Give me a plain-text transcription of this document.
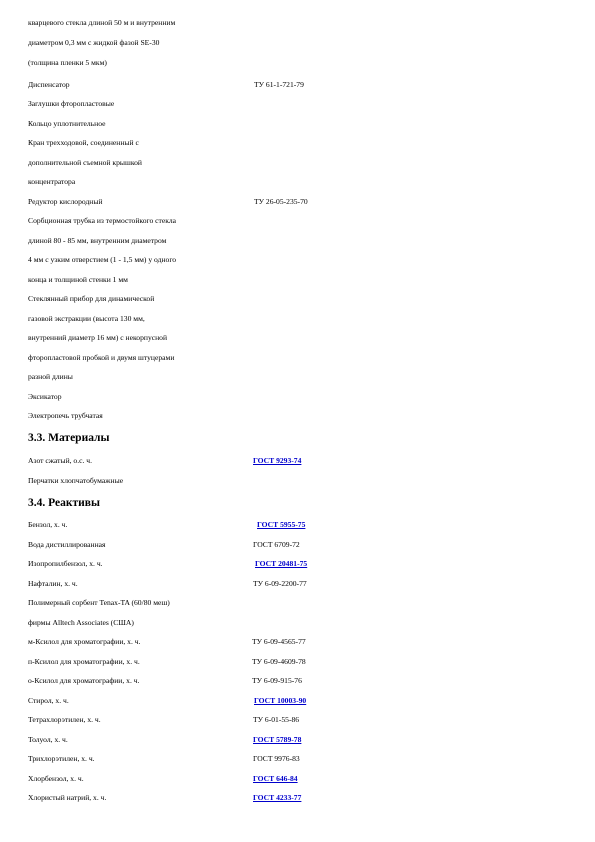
кварцевого стекла длиной 50 м и внутренним
диаметром 0,3 мм с жидкой фазой SE-30
(толщина пленки 5 мкм)
Диспенсатор	ТУ 61-1-721-79
Заглушки фторопластовые
Кольцо уплотнительное
Кран трехходовой, соединенный с
дополнительной съемной крышкой
концентратора
Редуктор кислородный	ТУ 26-05-235-70
Сорбционная трубка из термостойкого стекла
длиной 80 - 85 мм, внутренним диаметром
4 мм с узким отверстием (1 - 1,5 мм) у одного
конца и толщиной стенки 1 мм
Стеклянный прибор для динамической
газовой экстракции (высота 130 мм,
внутренний диаметр 16 мм) с некорпусной
фторопластовой пробкой и двумя штуцерами
разной длины
Эксикатор
Электропечь трубчатая
3.3. Материалы
Азот сжатый, о.с. ч.	ГОСТ 9293-74
Перчатки хлопчатобумажные
3.4. Реактивы
Бензол, х. ч.	ГОСТ 5955-75
Вода дистиллированная	ГОСТ 6709-72
Изопропилбензол, х. ч.	ГОСТ 20481-75
Нафталин, х. ч.	ТУ 6-09-2200-77
Полимерный сорбент Tenax-TA (60/80 меш)
фирмы Alltech Associates (США)
м-Ксилол для хроматографии, х. ч.	ТУ 6-09-4565-77
п-Ксилол для хроматографии, х. ч.	ТУ 6-09-4609-78
о-Ксилол для хроматографии, х. ч.	ТУ 6-09-915-76
Стирол, х. ч.	ГОСТ 10003-90
Тетрахлорэтилен, х. ч.	ТУ 6-01-55-86
Толуол, х. ч.	ГОСТ 5789-78
Трихлорэтилен, х. ч.	ГОСТ 9976-83
Хлорбензол, х. ч.	ГОСТ 646-84
Хлористый натрий, х. ч.	ГОСТ 4233-77
